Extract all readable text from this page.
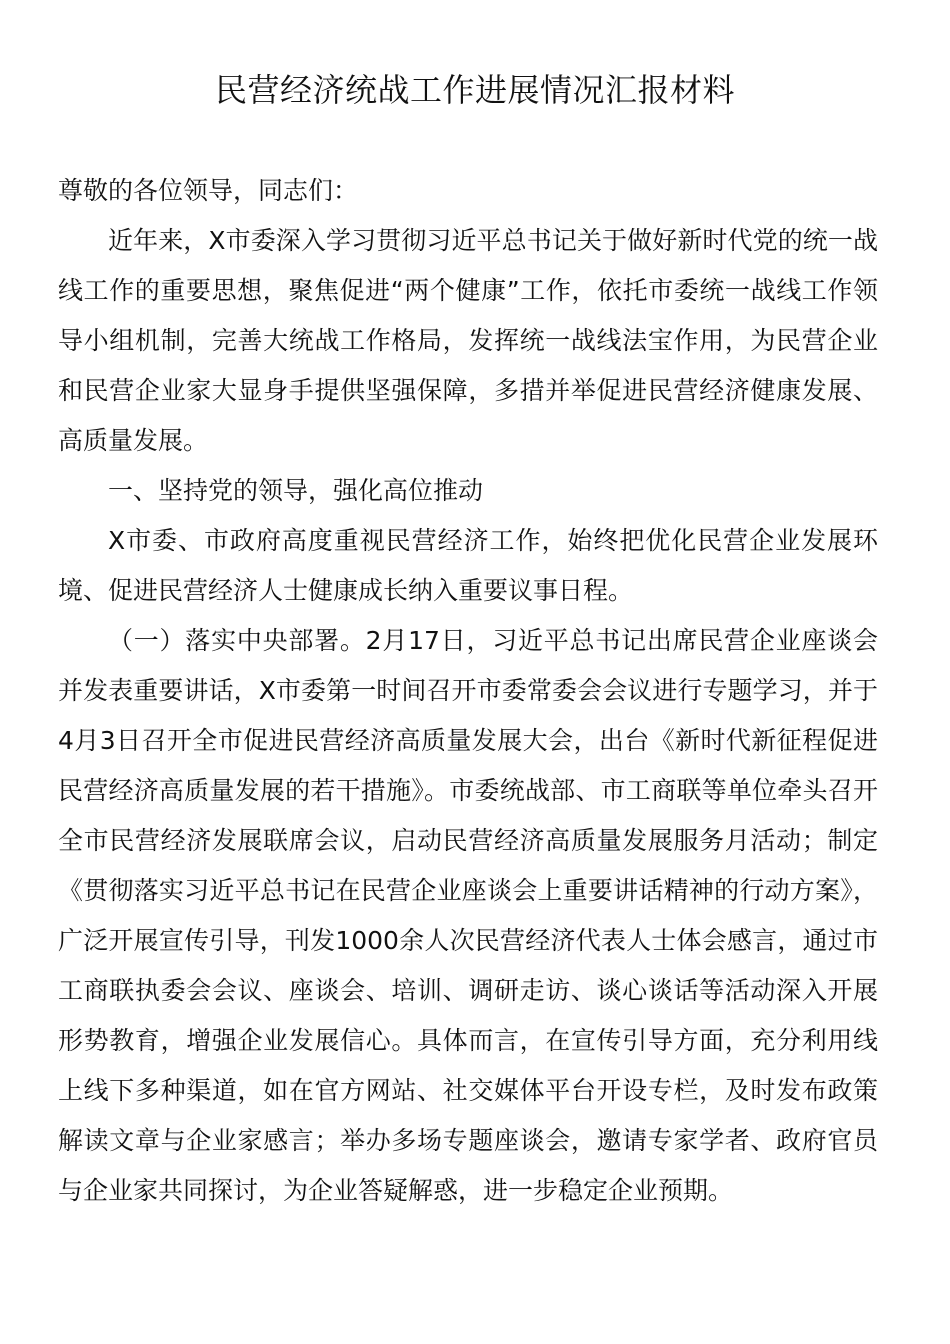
民营经济统战工作进展情况汇报材料

尊敬的各位领导，同志们：

近年来，X市委深入学习贯彻习近平总书记关于做好新时代党的统一战线工作的重要思想，聚焦促进“两个健康”工作，依托市委统一战线工作领导小组机制，完善大统战工作格局，发挥统一战线法宝作用，为民营企业和民营企业家大显身手提供坚强保障，多措并举促进民营经济健康发展、高质量发展。

一、坚持党的领导，强化高位推动

X市委、市政府高度重视民营经济工作，始终把优化民营企业发展环境、促进民营经济人士健康成长纳入重要议事日程。

（一）落实中央部署。2月17日，习近平总书记出席民营企业座谈会并发表重要讲话，X市委第一时间召开市委常委会会议进行专题学习，并于4月3日召开全市促进民营经济高质量发展大会，出台《新时代新征程促进民营经济高质量发展的若干措施》。市委统战部、市工商联等单位牵头召开全市民营经济发展联席会议，启动民营经济高质量发展服务月活动；制定《贯彻落实习近平总书记在民营企业座谈会上重要讲话精神的行动方案》，广泛开展宣传引导，刊发1000余人次民营经济代表人士体会感言，通过市工商联执委会会议、座谈会、培训、调研走访、谈心谈话等活动深入开展形势教育，增强企业发展信心。具体而言，在宣传引导方面，充分利用线上线下多种渠道，如在官方网站、社交媒体平台开设专栏，及时发布政策解读文章与企业家感言；举办多场专题座谈会，邀请专家学者、政府官员与企业家共同探讨，为企业答疑解惑，进一步稳定企业预期。
